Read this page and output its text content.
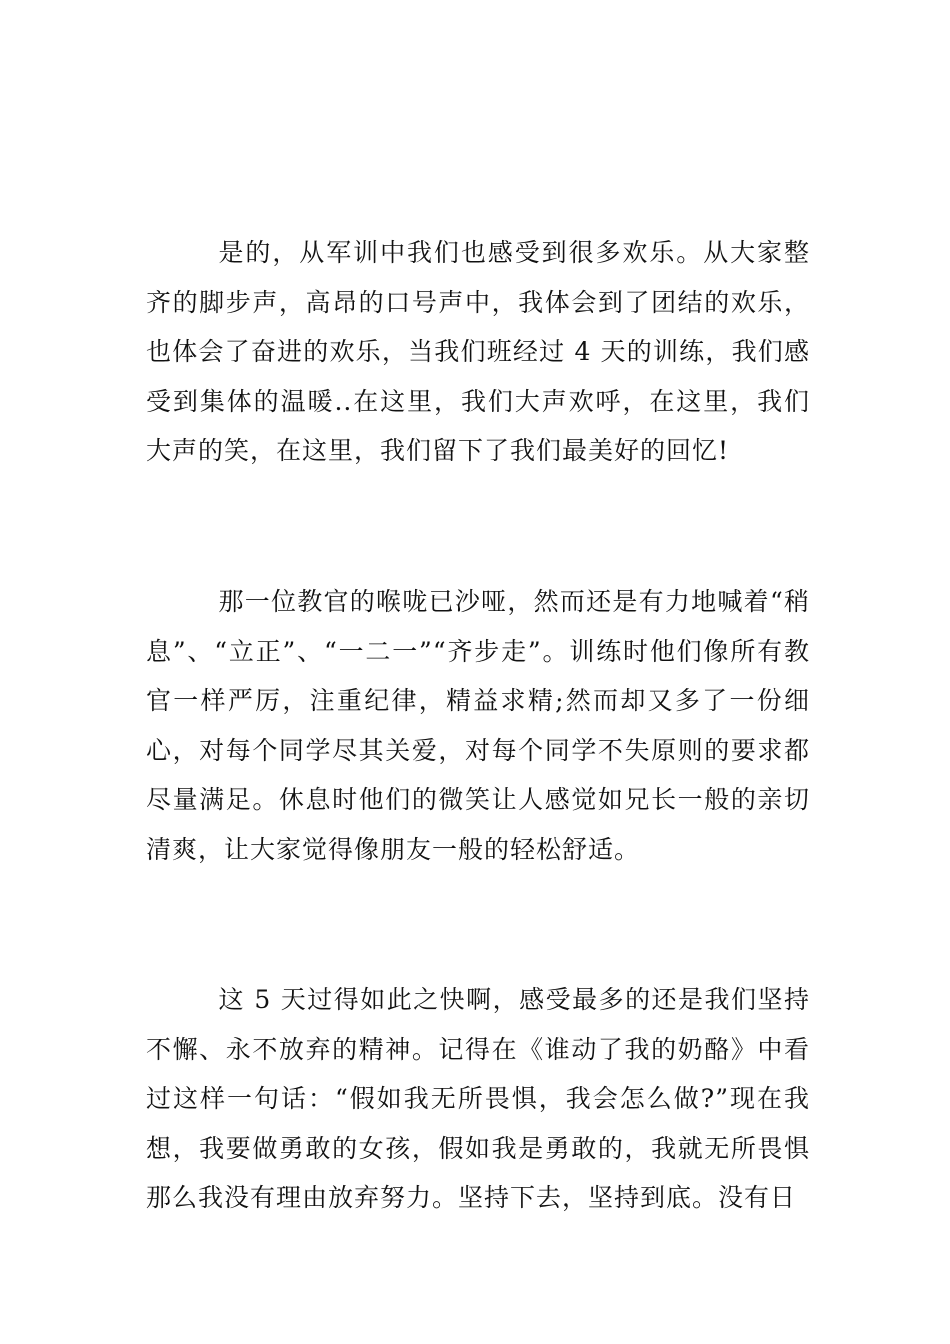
是的，从军训中我们也感受到很多欢乐。从大家整齐的脚步声，高昂的口号声中，我体会到了团结的欢乐，也体会了奋进的欢乐，当我们班经过 4 天的训练，我们感受到集体的温暖..在这里，我们大声欢呼，在这里，我们大声的笑，在这里，我们留下了我们最美好的回忆!

那一位教官的喉咙已沙哑，然而还是有力地喊着“稍息”、“立正”、“一二一”“齐步走”。训练时他们像所有教官一样严厉，注重纪律，精益求精;然而却又多了一份细心，对每个同学尽其关爱，对每个同学不失原则的要求都尽量满足。休息时他们的微笑让人感觉如兄长一般的亲切清爽，让大家觉得像朋友一般的轻松舒适。

这 5 天过得如此之快啊，感受最多的还是我们坚持不懈、永不放弃的精神。记得在《谁动了我的奶酪》中看过这样一句话：“假如我无所畏惧，我会怎么做?”现在我想，我要做勇敢的女孩，假如我是勇敢的，我就无所畏惧那么我没有理由放弃努力。坚持下去，坚持到底。没有日
